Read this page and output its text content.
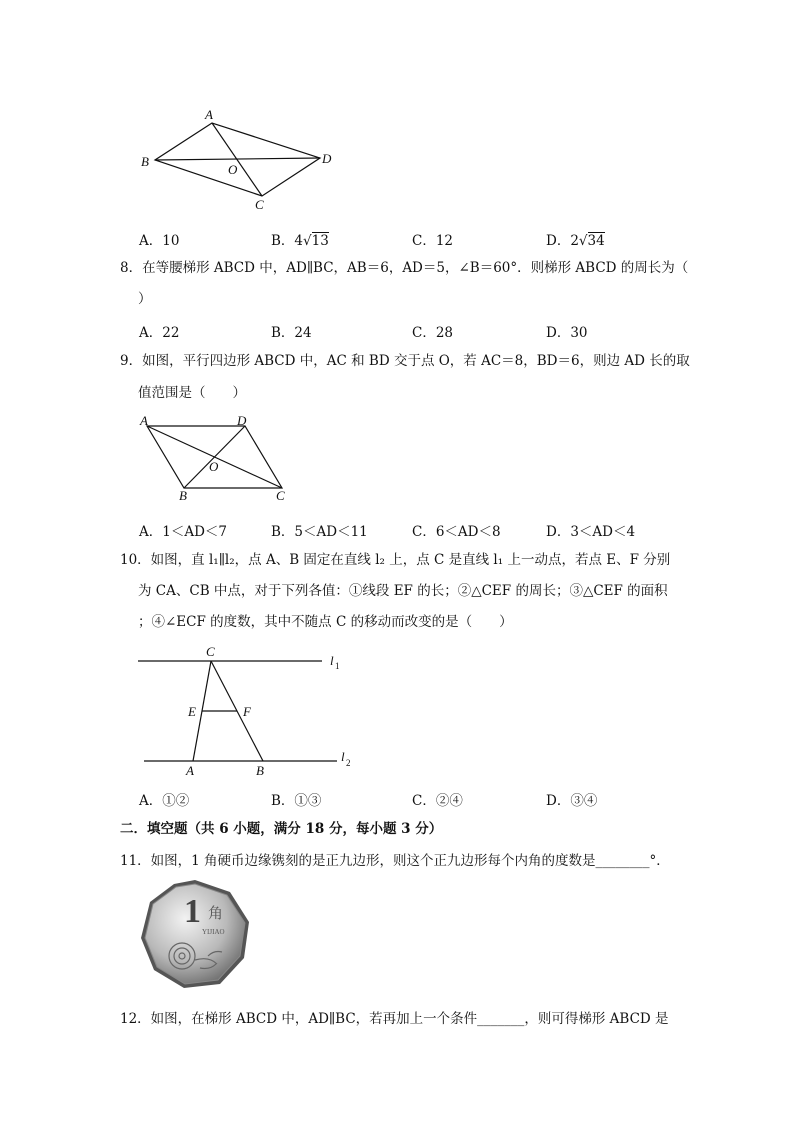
A
B
C
D
O
A．10	B．4√13	C．12	D．2√34
8．在等腰梯形 ABCD 中，AD∥BC，AB＝6，AD＝5，∠B＝60°．则梯形 ABCD 的周长为（
）
A．22	B．24	C．28	D．30
9．如图，平行四边形 ABCD 中，AC 和 BD 交于点 O，若 AC＝8，BD＝6，则边 AD 长的取
值范围是（　　）
A	D
B	C
O
A．1＜AD＜7	B．5＜AD＜11	C．6＜AD＜8	D．3＜AD＜4
10．如图，直 l₁∥l₂，点 A、B 固定在直线 l₂ 上，点 C 是直线 l₁ 上一动点，若点 E、F 分别
为 CA、CB 中点，对于下列各值：①线段 EF 的长；②△CEF 的周长；③△CEF 的面积
；④∠ECF 的度数，其中不随点 C 的移动而改变的是（　　）
C
E	F
A	B
l 1
l 2
A．①②	B．①③	C．②④	D．③④
二．填空题（共 6 小题，满分 18 分，每小题 3 分）
11．如图，1 角硬币边缘镌刻的是正九边形，则这个正九边形每个内角的度数是________°．
1 角
YIJIAO
12．如图，在梯形 ABCD 中，AD∥BC，若再加上一个条件_______，则可得梯形 ABCD 是
